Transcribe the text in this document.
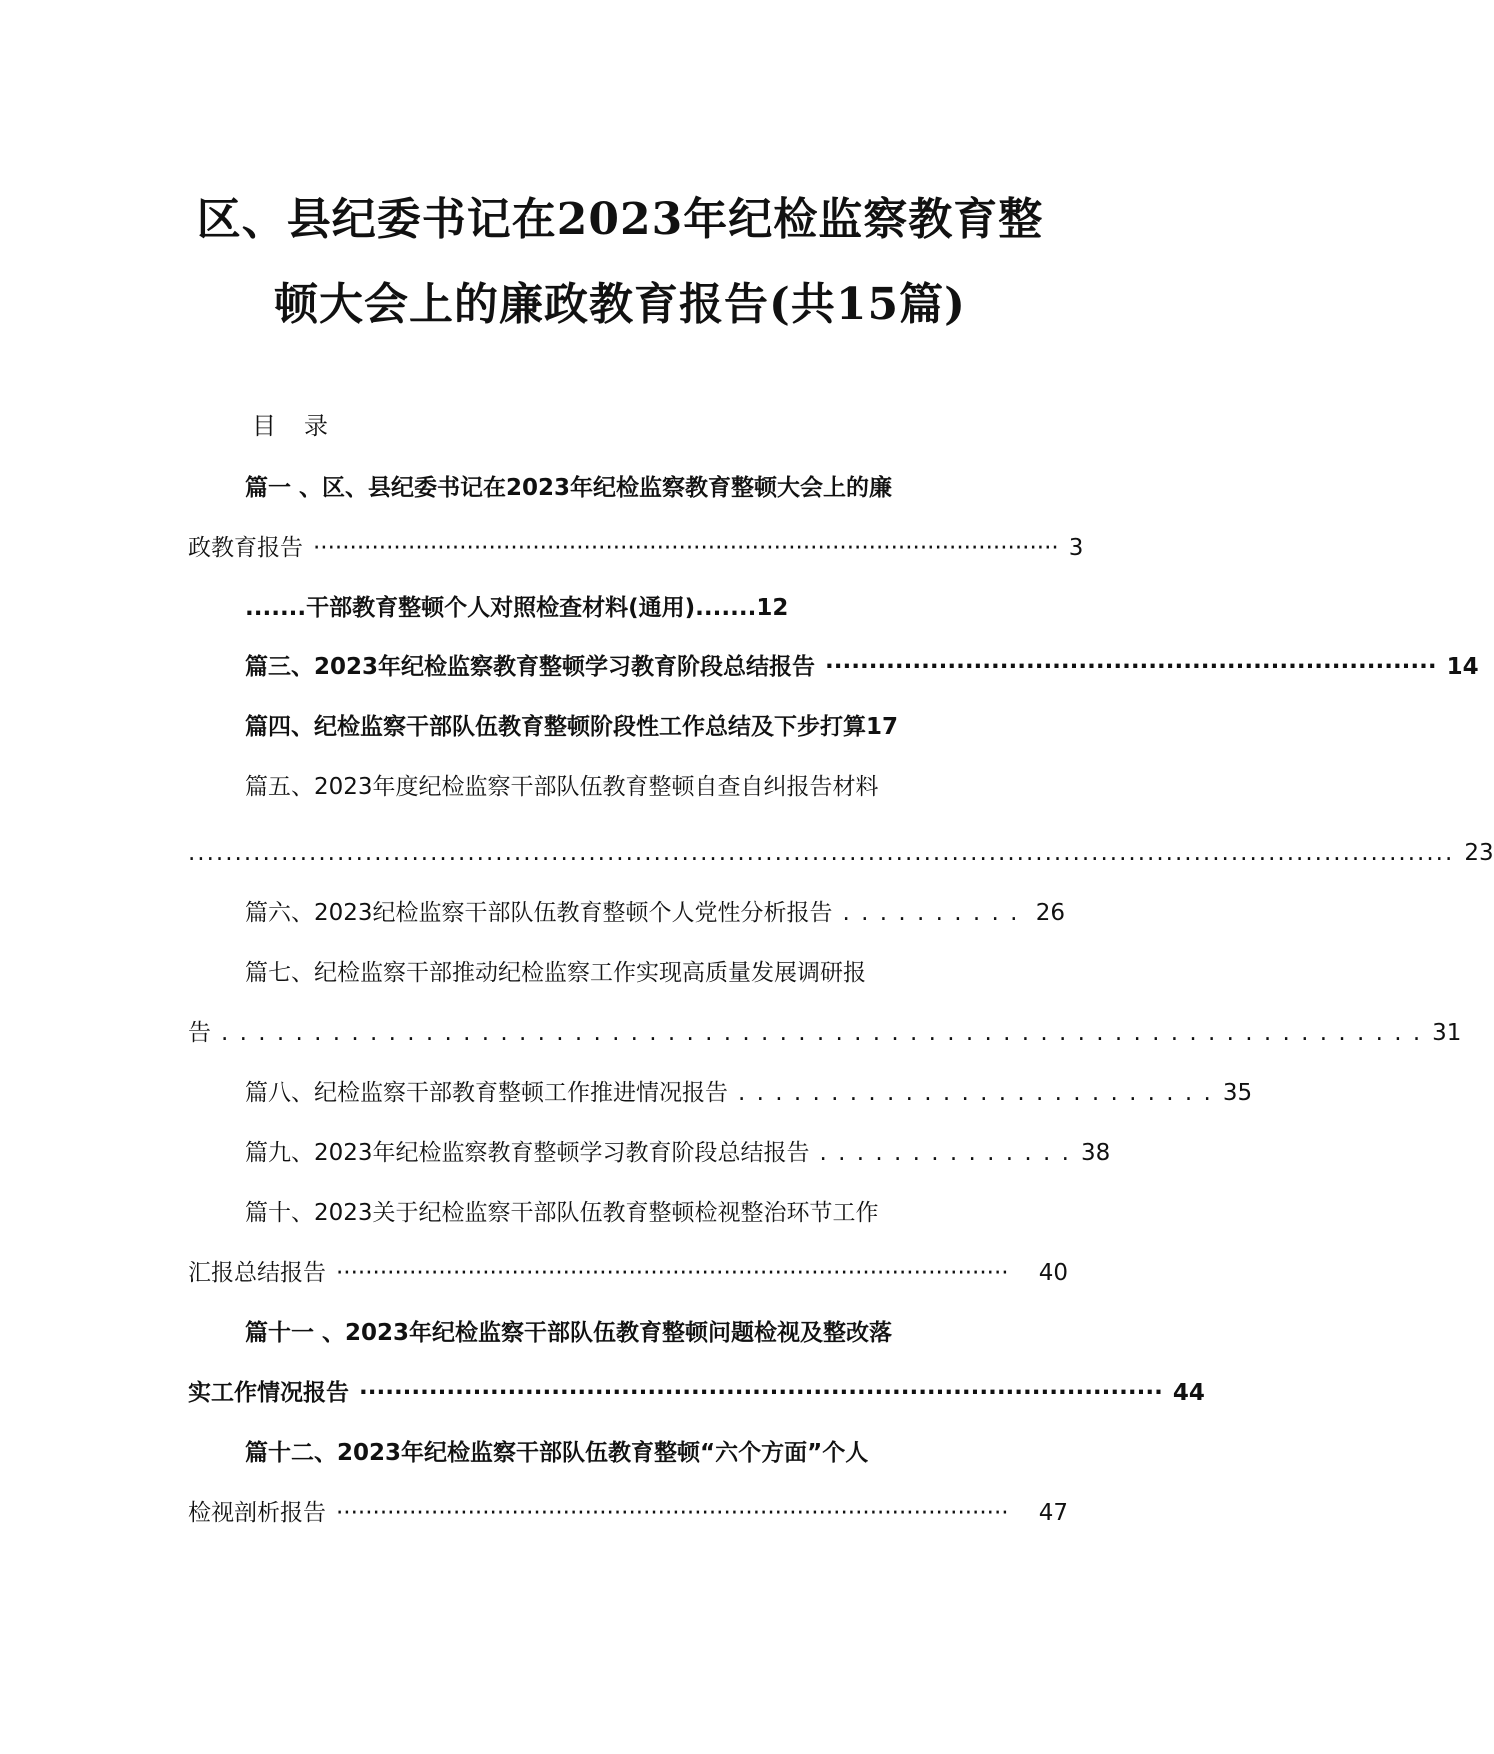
区、县纪委书记在2023年纪检监察教育整
顿大会上的廉政教育报告(共15篇)
目录
篇一 、区、县纪委书记在2023年纪检监察教育整顿大会上的廉
政教育报告 ······································································································ 3
.......干部教育整顿个人对照检查材料(通用).......12
篇三、2023年纪检监察教育整顿学习教育阶段总结报告 ······································································ 14
篇四、纪检监察干部队伍教育整顿阶段性工作总结及下步打算17
篇五、2023年度纪检监察干部队伍教育整顿自查自纠报告材料
........................................................................................................................................ 23
篇六、2023纪检监察干部队伍教育整顿个人党性分析报告 . . . . . . . . . . 26
篇七、纪检监察干部推动纪检监察工作实现高质量发展调研报
告 . . . . . . . . . . . . . . . . . . . . . . . . . . . . . . . . . . . . . . . . . . . . . . . . . . . . . . . . . . . . . . . . . 31
篇八、纪检监察干部教育整顿工作推进情况报告 . . . . . . . . . . . . . . . . . . . . . . . . . . 35
篇九、2023年纪检监察教育整顿学习教育阶段总结报告 . . . . . . . . . . . . . . 38
篇十、2023关于纪检监察干部队伍教育整顿检视整治环节工作
汇报总结报告 ····························································································	40
篇十一 、2023年纪检监察干部队伍教育整顿问题检视及整改落
实工作情况报告 ···························································································· 44
篇十二、2023年纪检监察干部队伍教育整顿“六个方面”个人
检视剖析报告 ····························································································	47
